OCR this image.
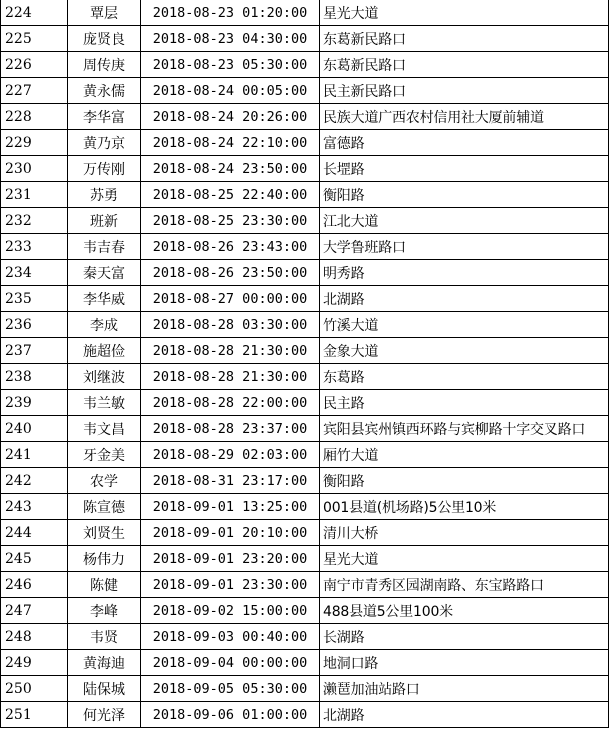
224	覃层	2018-08-23 01:20:00	星光大道
225	庞贤良	2018-08-23 04:30:00	东葛新民路口
226	周传庚	2018-08-23 05:30:00	东葛新民路口
227	黄永儒	2018-08-24 00:05:00	民主新民路口
228	李华富	2018-08-24 20:26:00	民族大道广西农村信用社大厦前辅道
229	黄乃京	2018-08-24 22:10:00	富德路
230	万传刚	2018-08-24 23:50:00	长堽路
231	苏勇	2018-08-25 22:40:00	衡阳路
232	班新	2018-08-25 23:30:00	江北大道
233	韦吉春	2018-08-26 23:43:00	大学鲁班路口
234	秦天富	2018-08-26 23:50:00	明秀路
235	李华威	2018-08-27 00:00:00	北湖路
236	李成	2018-08-28 03:30:00	竹溪大道
237	施超俭	2018-08-28 21:30:00	金象大道
238	刘继波	2018-08-28 21:30:00	东葛路
239	韦兰敏	2018-08-28 22:00:00	民主路
240	韦文昌	2018-08-28 23:37:00	宾阳县宾州镇西环路与宾柳路十字交叉路口
241	牙金美	2018-08-29 02:03:00	厢竹大道
242	农学	2018-08-31 23:17:00	衡阳路
243	陈宣德	2018-09-01 13:25:00	001县道(机场路)5公里10米
244	刘贤生	2018-09-01 20:10:00	清川大桥
245	杨伟力	2018-09-01 23:20:00	星光大道
246	陈健	2018-09-01 23:30:00	南宁市青秀区园湖南路、东宝路路口
247	李峰	2018-09-02 15:00:00	488县道5公里100米
248	韦贤	2018-09-03 00:40:00	长湖路
249	黄海迪	2018-09-04 00:00:00	地洞口路
250	陆保城	2018-09-05 05:30:00	濑琶加油站路口
251	何光泽	2018-09-06 01:00:00	北湖路
